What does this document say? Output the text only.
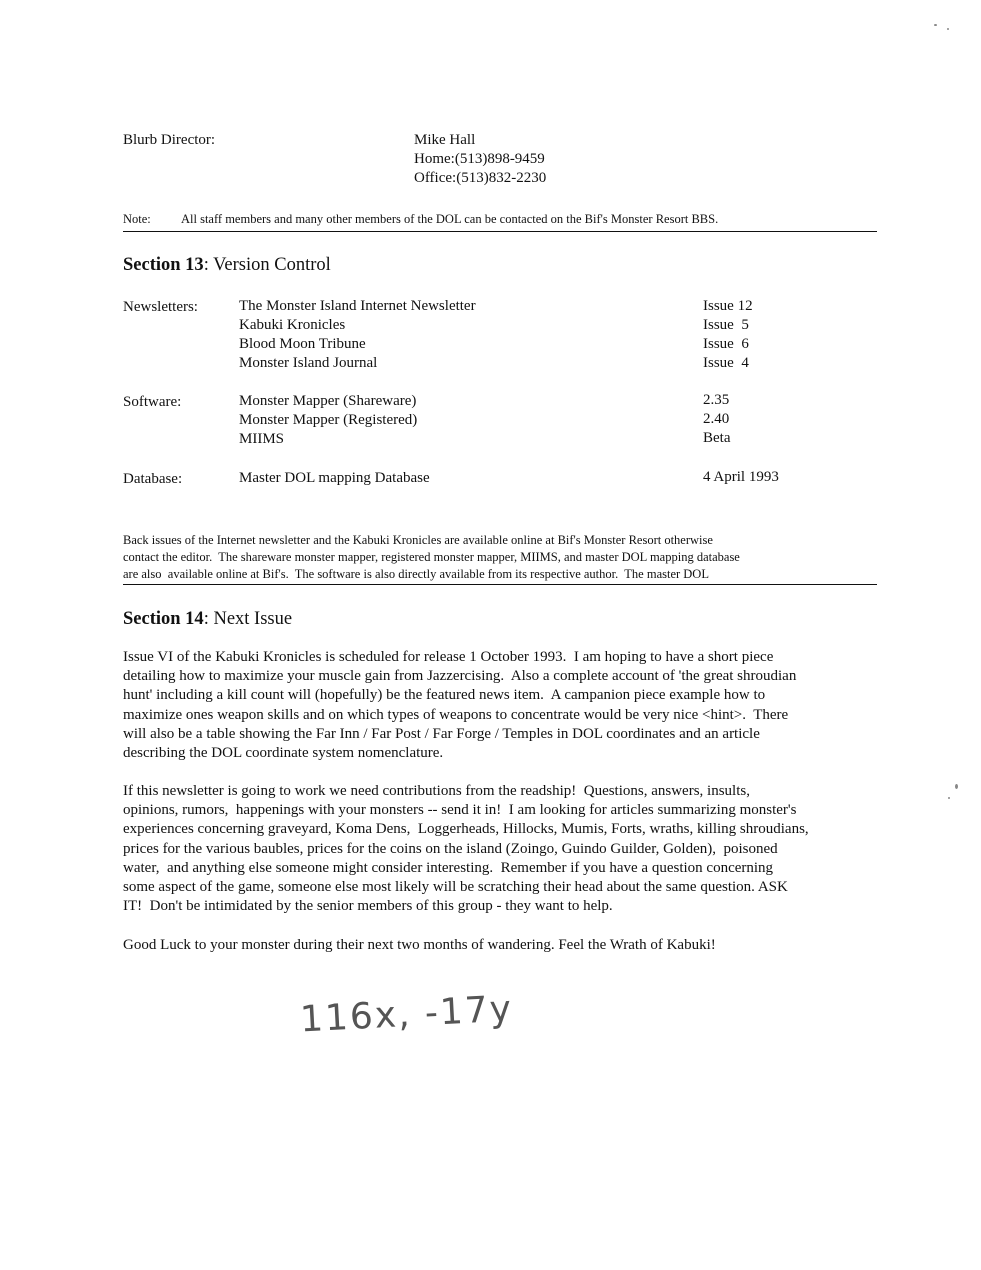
Blurb Director:	Mike Hall
Home:(513)898-9459
Office:(513)832-2230
Note: All staff members and many other members of the DOL can be contacted on the Bif's Monster Resort BBS.
Section 13: Version Control
Newsletters:	The Monster Island Internet Newsletter	Issue 12
Kabuki Kronicles	Issue  5
Blood Moon Tribune	Issue  6
Monster Island Journal	Issue  4
Software:	Monster Mapper (Shareware)	2.35
Monster Mapper (Registered)	2.40
MIIMS	Beta
Database:	Master DOL mapping Database	4 April 1993
Back issues of the Internet newsletter and the Kabuki Kronicles are available online at Bif's Monster Resort otherwise
contact the editor.  The shareware monster mapper, registered monster mapper, MIIMS, and master DOL mapping database
are also  available online at Bif's.  The software is also directly available from its respective author.  The master DOL
Section 14: Next Issue
Issue VI of the Kabuki Kronicles is scheduled for release 1 October 1993.  I am hoping to have a short piece
detailing how to maximize your muscle gain from Jazzercising.  Also a complete account of 'the great shroudian
hunt' including a kill count will (hopefully) be the featured news item.  A campanion piece example how to
maximize ones weapon skills and on which types of weapons to concentrate would be very nice <hint>.  There
will also be a table showing the Far Inn / Far Post / Far Forge / Temples in DOL coordinates and an article
describing the DOL coordinate system nomenclature.
If this newsletter is going to work we need contributions from the readship!  Questions, answers, insults,
opinions, rumors,  happenings with your monsters -- send it in!  I am looking for articles summarizing monster's
experiences concerning graveyard, Koma Dens,  Loggerheads, Hillocks, Mumis, Forts, wraths, killing shroudians,
prices for the various baubles, prices for the coins on the island (Zoingo, Guindo Guilder, Golden),  poisoned
water,  and anything else someone might consider interesting.  Remember if you have a question concerning
some aspect of the game, someone else most likely will be scratching their head about the same question. ASK
IT!  Don't be intimidated by the senior members of this group - they want to help.
Good Luck to your monster during their next two months of wandering. Feel the Wrath of Kabuki!
116x, -17y
